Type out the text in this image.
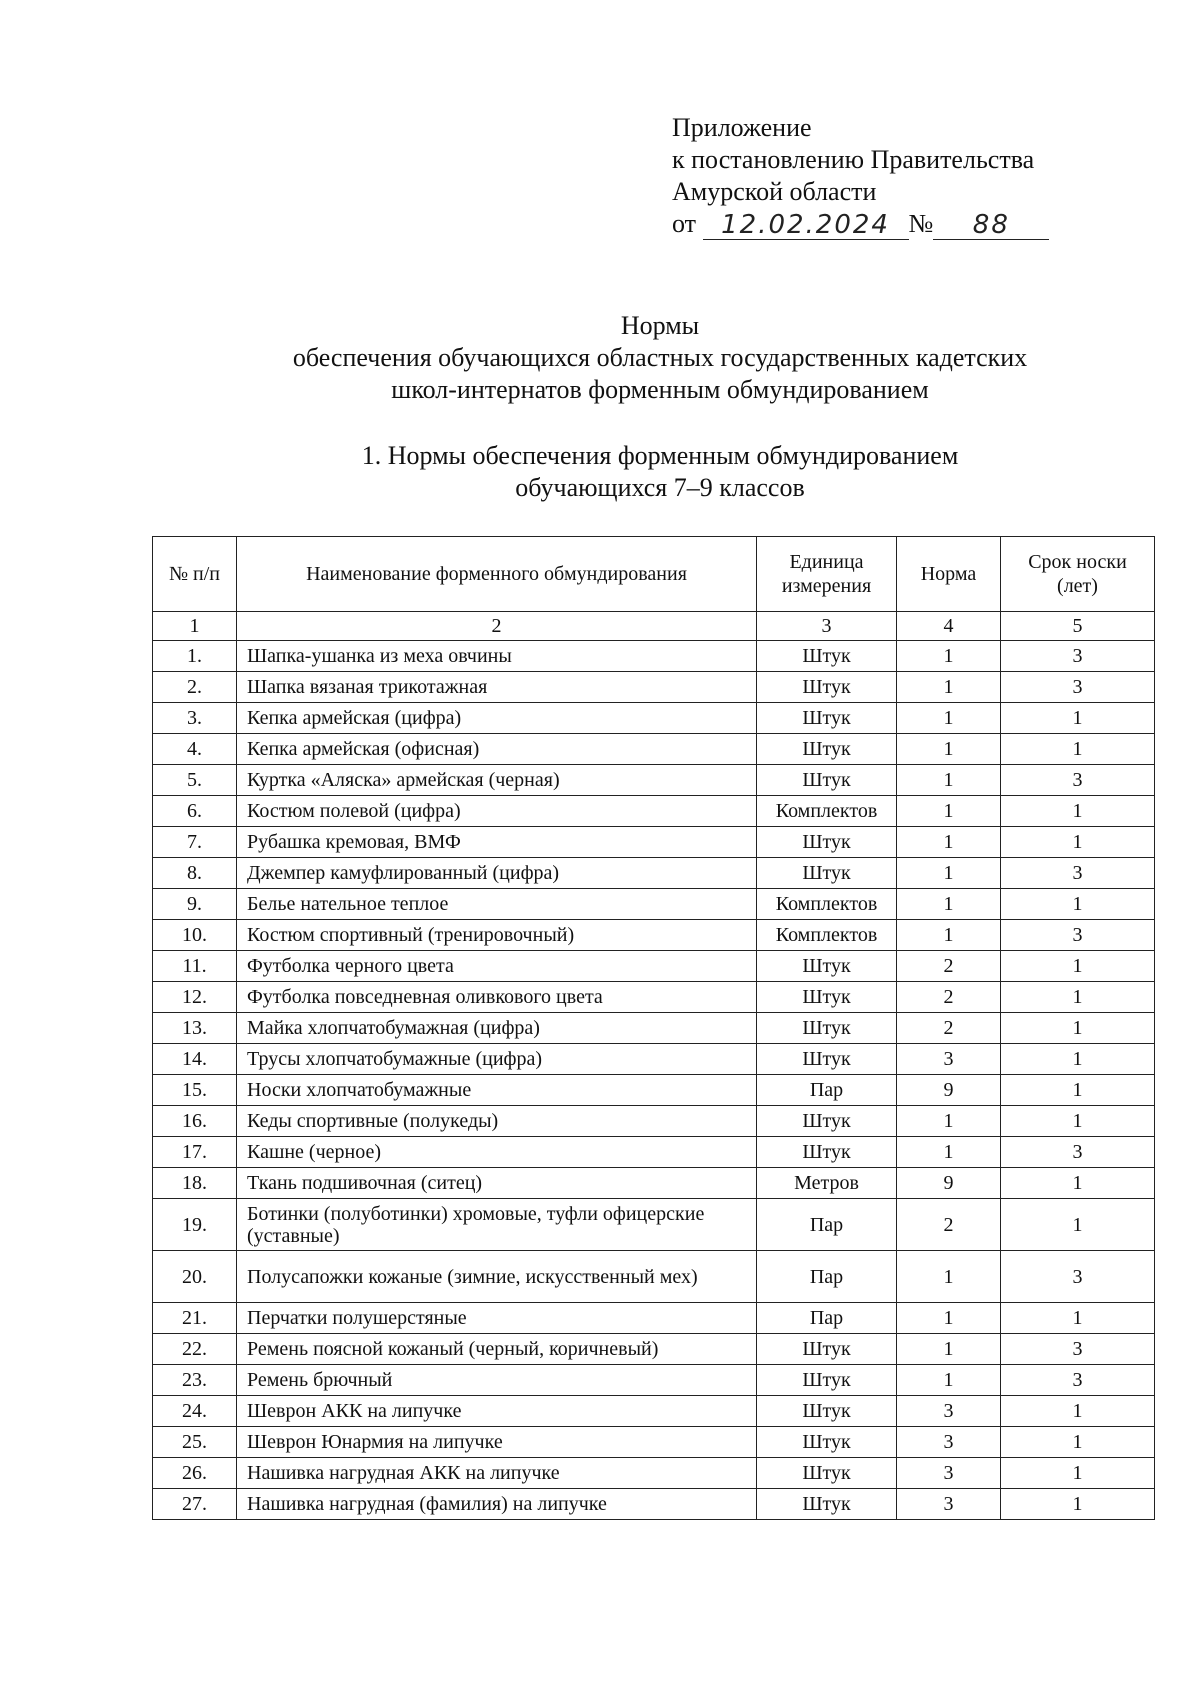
Приложение
к постановлению Правительства
Амурской области
от
12.02.2024 №	88
Нормы
обеспечения обучающихся областных государственных кадетских
школ-интернатов форменным обмундированием
1. Нормы обеспечения форменным обмундированием
обучающихся 7–9 классов
№ п/п	Наименование форменного обмундирования	Единица измерения	Норма	Срок носки (лет)
1	2	3	4	5
1.	Шапка-ушанка из меха овчины	Штук	1	3
2.	Шапка вязаная трикотажная	Штук	1	3
3.	Кепка армейская (цифра)	Штук	1	1
4.	Кепка армейская (офисная)	Штук	1	1
5.	Куртка «Аляска» армейская (черная)	Штук	1	3
6.	Костюм полевой (цифра)	Комплектов	1	1
7.	Рубашка кремовая, ВМФ	Штук	1	1
8.	Джемпер камуфлированный (цифра)	Штук	1	3
9.	Белье нательное теплое	Комплектов	1	1
10.	Костюм спортивный (тренировочный)	Комплектов	1	3
11.	Футболка черного цвета	Штук	2	1
12.	Футболка повседневная оливкового цвета	Штук	2	1
13.	Майка хлопчатобумажная (цифра)	Штук	2	1
14.	Трусы хлопчатобумажные (цифра)	Штук	3	1
15.	Носки хлопчатобумажные	Пар	9	1
16.	Кеды спортивные (полукеды)	Штук	1	1
17.	Кашне (черное)	Штук	1	3
18.	Ткань подшивочная (ситец)	Метров	9	1
19.	Ботинки (полуботинки) хромовые, туфли офицерские (уставные)	Пар	2	1
20.	Полусапожки кожаные (зимние, искусственный мех)	Пар	1	3
21.	Перчатки полушерстяные	Пар	1	1
22.	Ремень поясной кожаный (черный, коричневый)	Штук	1	3
23.	Ремень брючный	Штук	1	3
24.	Шеврон АКК на липучке	Штук	3	1
25.	Шеврон Юнармия на липучке	Штук	3	1
26.	Нашивка нагрудная АКК на липучке	Штук	3	1
27.	Нашивка нагрудная (фамилия) на липучке	Штук	3	1
